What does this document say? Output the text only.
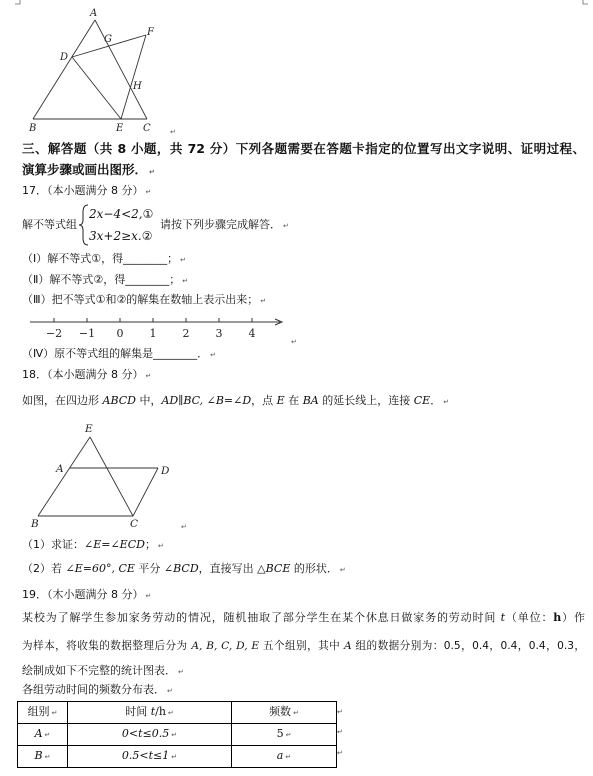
A
G
F
D
H
B	E C
−2 −1 0 1 2 3 4
E
A	D
B	C
↵
三、解答题（共 8 小题，共 72 分）下列各题需要在答题卡指定的位置写出文字说明、证明过程、
演算步骤或画出图形． ↵
17．（本小题满分 8 分） ↵
解不等式组
2x−4<2,①
3x+2≥x.②
请按下列步骤完成解答． ↵
（Ⅰ）解不等式①，得________； ↵
（Ⅱ）解不等式②，得________； ↵
（Ⅲ）把不等式①和②的解集在数轴上表示出来； ↵
↵
（Ⅳ）原不等式组的解集是________． ↵
18．（本小题满分 8 分） ↵
如图，在四边形 ABCD 中，AD∥BC, ∠B=∠D，点 E 在 BA 的延长线上，连接 CE． ↵
↵
（1）求证：∠E=∠ECD； ↵
（2）若 ∠E=60°, CE 平分 ∠BCD，直接写出 △BCE 的形状． ↵
19．（木小题满分 8 分） ↵
某校为了解学生参加家务劳动的情况，随机抽取了部分学生在某个休息日做家务的劳动时间 t（单位：h）作
为样本，将收集的数据整理后分为 A, B, C, D, E 五个组别，其中 A 组的数据分别为：0.5，0.4，0.4，0.4，0.3，
绘制成如下不完整的统计图表． ↵
各组劳动时间的频数分布表． ↵
组别 ↵	时间 t/h ↵	频数 ↵
A ↵	0<t≤0.5 ↵	5 ↵
B ↵	0.5<t≤1 ↵	a ↵
↵
↵
↵
